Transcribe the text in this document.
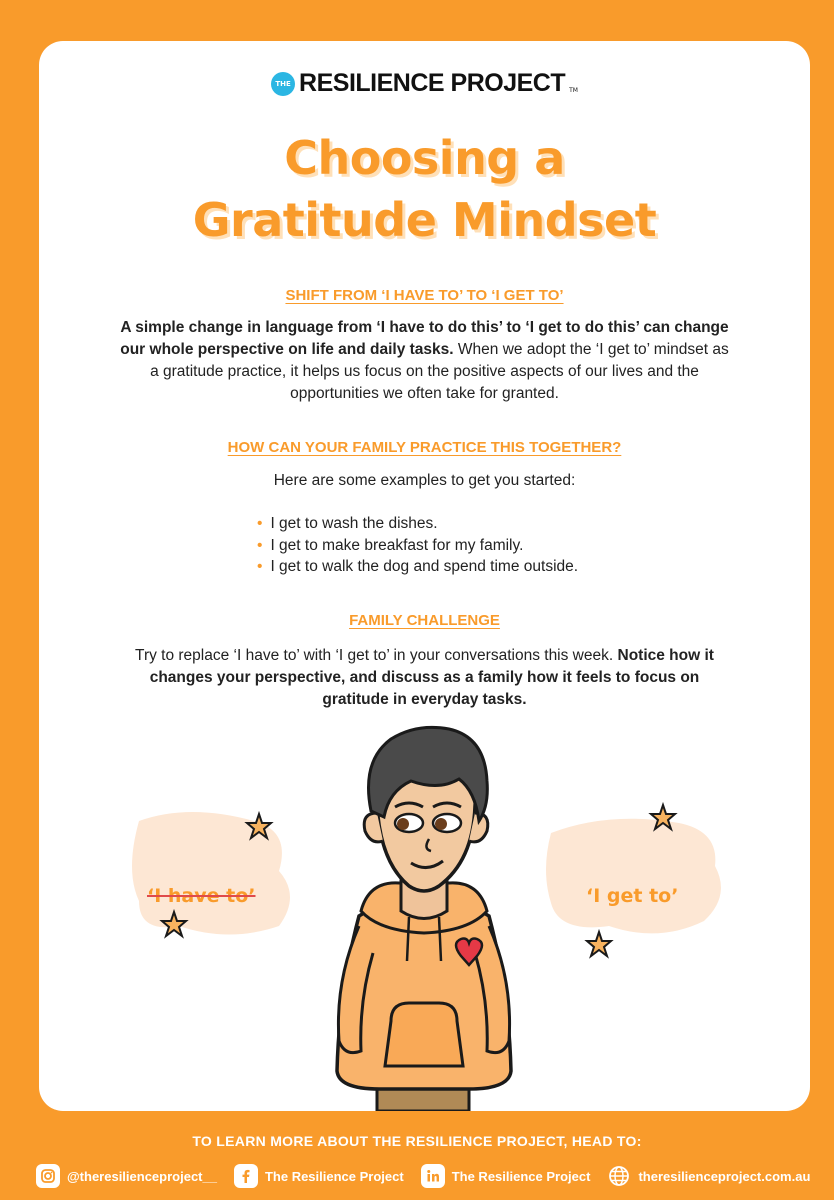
THE RESILIENCE PROJECT TM
Choosing a
Gratitude Mindset
SHIFT FROM ‘I HAVE TO’ TO ‘I GET TO’
A simple change in language from ‘I have to do this’ to ‘I get to do this’ can change our whole perspective on life and daily tasks. When we adopt the ‘I get to’ mindset as a gratitude practice, it helps us focus on the positive aspects of our lives and the opportunities we often take for granted.
HOW CAN YOUR FAMILY PRACTICE THIS TOGETHER?
Here are some examples to get you started:
• I get to wash the dishes.
• I get to make breakfast for my family.
• I get to walk the dog and spend time outside.
FAMILY CHALLENGE
Try to replace ‘I have to’ with ‘I get to’ in your conversations this week. Notice how it changes your perspective, and discuss as a family how it feels to focus on gratitude in everyday tasks.
‘I have to’	‘I get to’
TO LEARN MORE ABOUT THE RESILIENCE PROJECT, HEAD TO:
@theresilienceproject__	The Resilience Project	The Resilience Project	theresilienceproject.com.au
